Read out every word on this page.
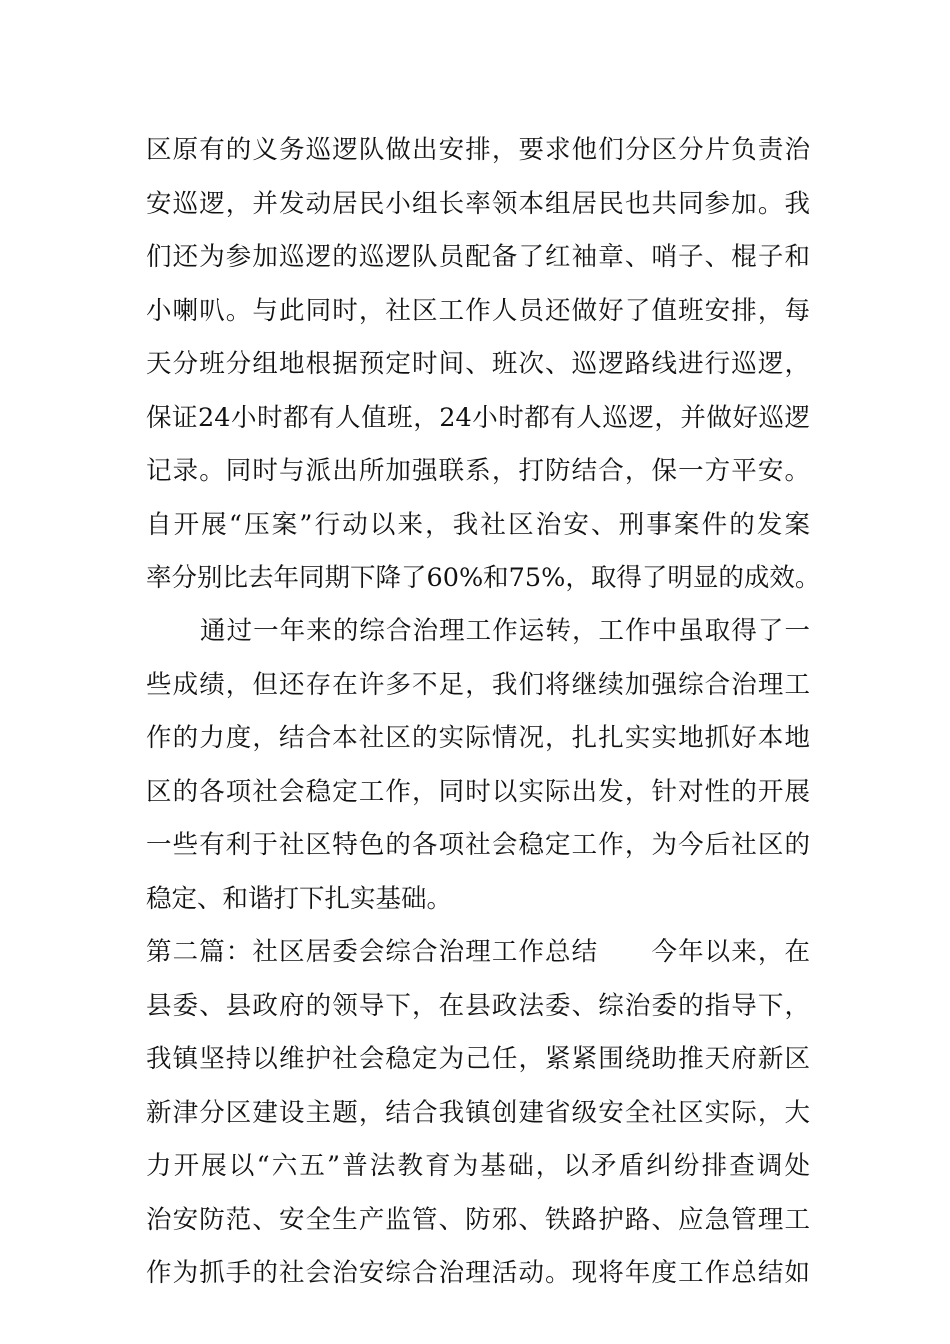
区原有的义务巡逻队做出安排，要求他们分区分片负责治
安巡逻，并发动居民小组长率领本组居民也共同参加。我
们还为参加巡逻的巡逻队员配备了红袖章、哨子、棍子和
小喇叭。与此同时，社区工作人员还做好了值班安排，每
天分班分组地根据预定时间、班次、巡逻路线进行巡逻，
保证24小时都有人值班，24小时都有人巡逻，并做好巡逻
记录。同时与派出所加强联系，打防结合，保一方平安。
自开展“压案”行动以来，我社区治安、刑事案件的发案
率分别比去年同期下降了60%和75%，取得了明显的成效。
通过一年来的综合治理工作运转，工作中虽取得了一
些成绩，但还存在许多不足，我们将继续加强综合治理工
作的力度，结合本社区的实际情况，扎扎实实地抓好本地
区的各项社会稳定工作，同时以实际出发，针对性的开展
一些有利于社区特色的各项社会稳定工作，为今后社区的
稳定、和谐打下扎实基础。
第二篇：社区居委会综合治理工作总结　　今年以来，在
县委、县政府的领导下，在县政法委、综治委的指导下，
我镇坚持以维护社会稳定为己任，紧紧围绕助推天府新区
新津分区建设主题，结合我镇创建省级安全社区实际，大
力开展以“六五”普法教育为基础，以矛盾纠纷排查调处
治安防范、安全生产监管、防邪、铁路护路、应急管理工
作为抓手的社会治安综合治理活动。现将年度工作总结如
